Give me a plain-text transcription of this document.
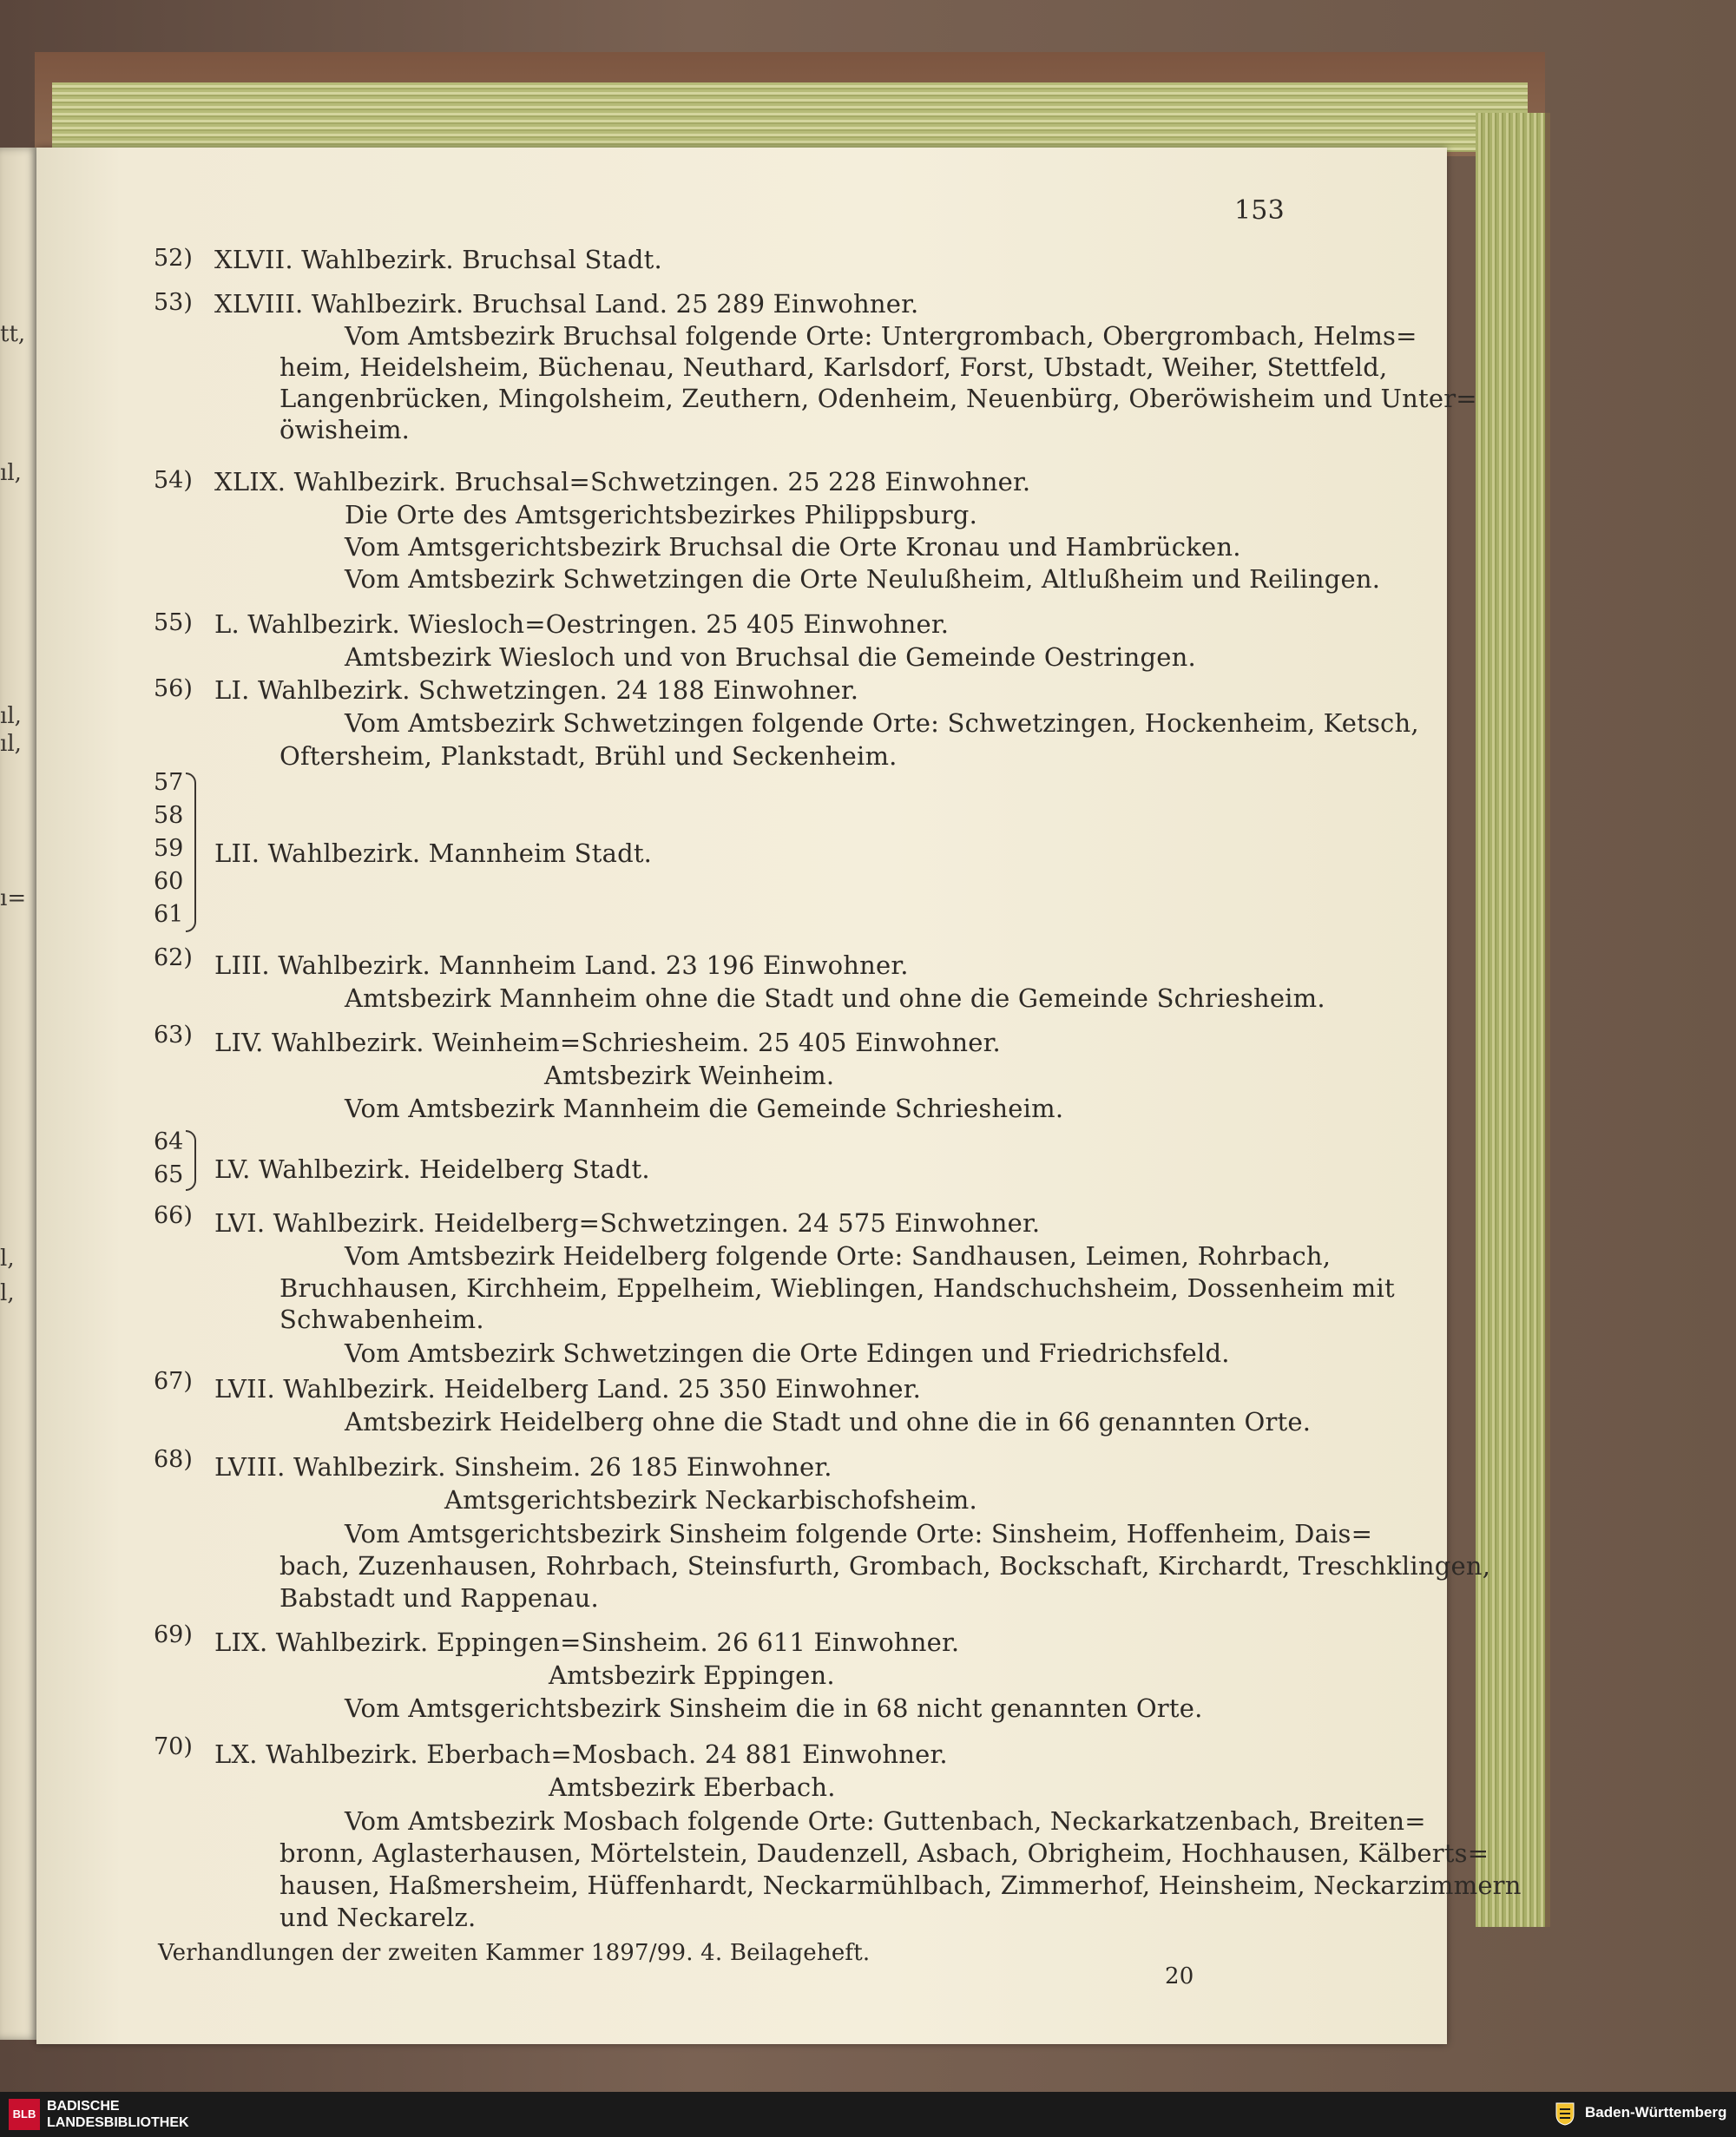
tt,
ıl,
ıl,
ıl,
ı=
l,
l,
153
52) XLVII. Wahlbezirk. Bruchsal Stadt.
53) XLVIII. Wahlbezirk. Bruchsal Land. 25 289 Einwohner.
Vom Amtsbezirk Bruchsal folgende Orte: Untergrombach, Obergrombach, Helms=
heim, Heidelsheim, Büchenau, Neuthard, Karlsdorf, Forst, Ubstadt, Weiher, Stettfeld,
Langenbrücken, Mingolsheim, Zeuthern, Odenheim, Neuenbürg, Oberöwisheim und Unter=
öwisheim.
54) XLIX. Wahlbezirk. Bruchsal=Schwetzingen. 25 228 Einwohner.
Die Orte des Amtsgerichtsbezirkes Philippsburg.
Vom Amtsgerichtsbezirk Bruchsal die Orte Kronau und Hambrücken.
Vom Amtsbezirk Schwetzingen die Orte Neulußheim, Altlußheim und Reilingen.
55) L. Wahlbezirk. Wiesloch=Oestringen. 25 405 Einwohner.
Amtsbezirk Wiesloch und von Bruchsal die Gemeinde Oestringen.
56) LI. Wahlbezirk. Schwetzingen. 24 188 Einwohner.
Vom Amtsbezirk Schwetzingen folgende Orte: Schwetzingen, Hockenheim, Ketsch,
Oftersheim, Plankstadt, Brühl und Seckenheim.
57
58
59 LII. Wahlbezirk. Mannheim Stadt.
60
61
62) LIII. Wahlbezirk. Mannheim Land. 23 196 Einwohner.
Amtsbezirk Mannheim ohne die Stadt und ohne die Gemeinde Schriesheim.
63) LIV. Wahlbezirk. Weinheim=Schriesheim. 25 405 Einwohner.
Amtsbezirk Weinheim.
Vom Amtsbezirk Mannheim die Gemeinde Schriesheim.
64
65 LV. Wahlbezirk. Heidelberg Stadt.
66) LVI. Wahlbezirk. Heidelberg=Schwetzingen. 24 575 Einwohner.
Vom Amtsbezirk Heidelberg folgende Orte: Sandhausen, Leimen, Rohrbach,
Bruchhausen, Kirchheim, Eppelheim, Wieblingen, Handschuchsheim, Dossenheim mit
Schwabenheim.
Vom Amtsbezirk Schwetzingen die Orte Edingen und Friedrichsfeld.
67) LVII. Wahlbezirk. Heidelberg Land. 25 350 Einwohner.
Amtsbezirk Heidelberg ohne die Stadt und ohne die in 66 genannten Orte.
68) LVIII. Wahlbezirk. Sinsheim. 26 185 Einwohner.
Amtsgerichtsbezirk Neckarbischofsheim.
Vom Amtsgerichtsbezirk Sinsheim folgende Orte: Sinsheim, Hoffenheim, Dais=
bach, Zuzenhausen, Rohrbach, Steinsfurth, Grombach, Bockschaft, Kirchardt, Treschklingen,
Babstadt und Rappenau.
69) LIX. Wahlbezirk. Eppingen=Sinsheim. 26 611 Einwohner.
Amtsbezirk Eppingen.
Vom Amtsgerichtsbezirk Sinsheim die in 68 nicht genannten Orte.
70) LX. Wahlbezirk. Eberbach=Mosbach. 24 881 Einwohner.
Amtsbezirk Eberbach.
Vom Amtsbezirk Mosbach folgende Orte: Guttenbach, Neckarkatzenbach, Breiten=
bronn, Aglasterhausen, Mörtelstein, Daudenzell, Asbach, Obrigheim, Hochhausen, Kälberts=
hausen, Haßmersheim, Hüffenhardt, Neckarmühlbach, Zimmerhof, Heinsheim, Neckarzimmern
und Neckarelz.
Verhandlungen der zweiten Kammer 1897/99. 4. Beilageheft.
20
BLB
BADISCHE
LANDESBIBLIOTHEK
Baden-Württemberg
